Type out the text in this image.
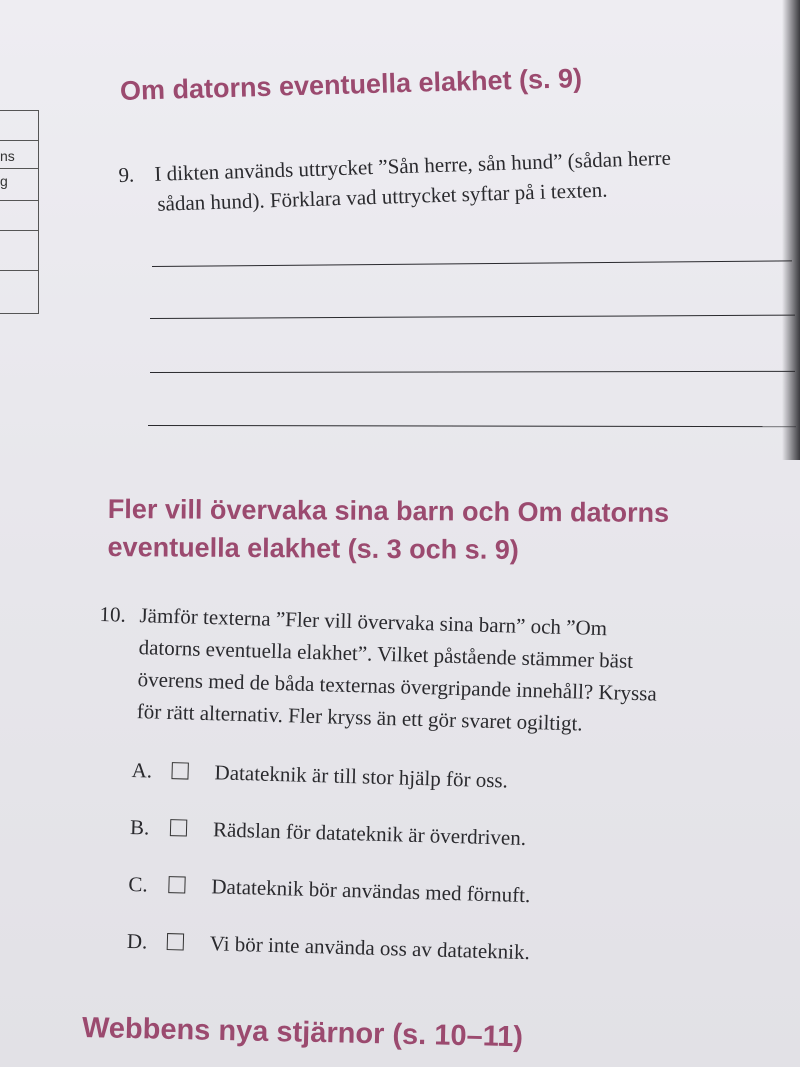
ns
g
Om datorns eventuella elakhet (s. 9)
9. I dikten används uttrycket ”Sån herre, sån hund” (sådan herre
sådan hund). Förklara vad uttrycket syftar på i texten.
Fler vill övervaka sina barn och Om datorns
eventuella elakhet (s. 3 och s. 9)
10. Jämför texterna ”Fler vill övervaka sina barn” och ”Om
datorns eventuella elakhet”. Vilket påstående stämmer bäst
överens med de båda texternas övergripande innehåll? Kryssa
för rätt alternativ. Fler kryss än ett gör svaret ogiltigt.
A.	Datateknik är till stor hjälp för oss.
B.	Rädslan för datateknik är överdriven.
C.	Datateknik bör användas med förnuft.
D.	Vi bör inte använda oss av datateknik.
Webbens nya stjärnor (s. 10–11)
